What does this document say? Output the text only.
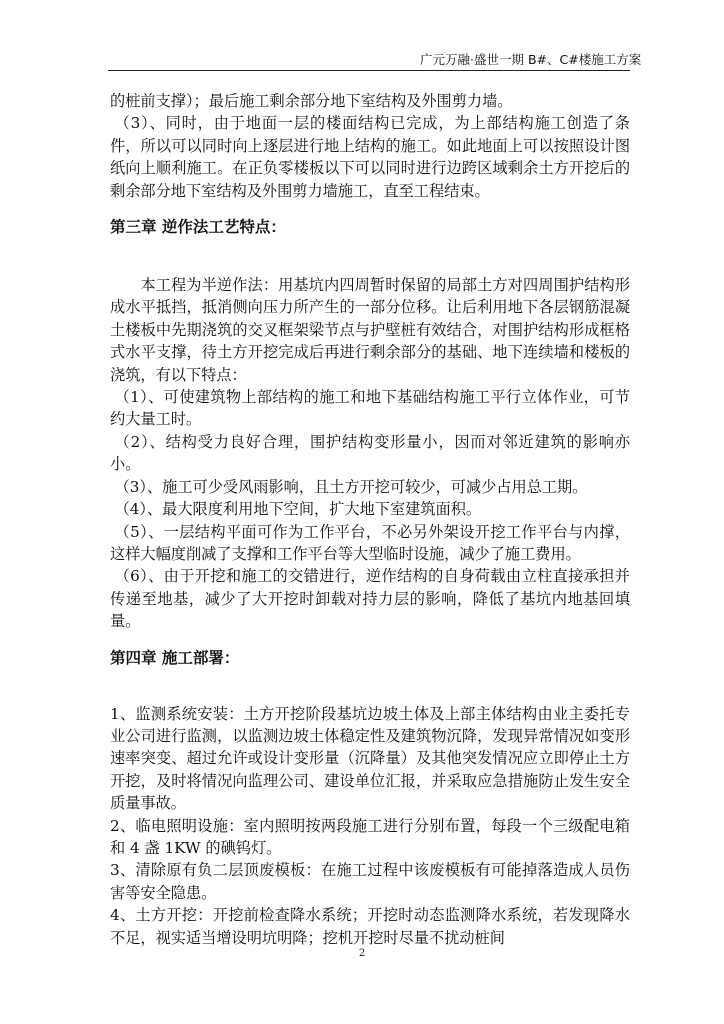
广元万融·盛世一期 B#、C#楼施工方案

的桩前支撑）；最后施工剩余部分地下室结构及外围剪力墙。

（3）、同时，由于地面一层的楼面结构已完成，为上部结构施工创造了条件，所以可以同时向上逐层进行地上结构的施工。如此地面上可以按照设计图纸向上顺利施工。在正负零楼板以下可以同时进行边跨区域剩余土方开挖后的剩余部分地下室结构及外围剪力墙施工，直至工程结束。

第三章 逆作法工艺特点：

本工程为半逆作法：用基坑内四周暂时保留的局部土方对四周围护结构形成水平抵挡，抵消侧向压力所产生的一部分位移。让后利用地下各层钢筋混凝土楼板中先期浇筑的交叉框架梁节点与护壁桩有效结合，对围护结构形成框格式水平支撑，待土方开挖完成后再进行剩余部分的基础、地下连续墙和楼板的浇筑，有以下特点：

（1）、可使建筑物上部结构的施工和地下基础结构施工平行立体作业，可节约大量工时。

（2）、结构受力良好合理，围护结构变形量小，因而对邻近建筑的影响亦小。

（3）、施工可少受风雨影响，且土方开挖可较少，可减少占用总工期。

（4）、最大限度利用地下空间，扩大地下室建筑面积。

（5）、一层结构平面可作为工作平台，不必另外架设开挖工作平台与内撑，这样大幅度削减了支撑和工作平台等大型临时设施，减少了施工费用。

（6）、由于开挖和施工的交错进行，逆作结构的自身荷载由立柱直接承担并传递至地基，减少了大开挖时卸载对持力层的影响，降低了基坑内地基回填量。

第四章 施工部署：

1、监测系统安装：土方开挖阶段基坑边坡土体及上部主体结构由业主委托专业公司进行监测，以监测边坡土体稳定性及建筑物沉降，发现异常情况如变形速率突变、超过允许或设计变形量（沉降量）及其他突发情况应立即停止土方开挖，及时将情况向监理公司、建设单位汇报，并采取应急措施防止发生安全质量事故。

2、临电照明设施：室内照明按两段施工进行分别布置，每段一个三级配电箱和 4 盏 1KW 的碘钨灯。

3、清除原有负二层顶废模板：在施工过程中该废模板有可能掉落造成人员伤害等安全隐患。

4、土方开挖：开挖前检查降水系统；开挖时动态监测降水系统，若发现降水不足，视实适当增设明坑明降；挖机开挖时尽量不扰动桩间

2
